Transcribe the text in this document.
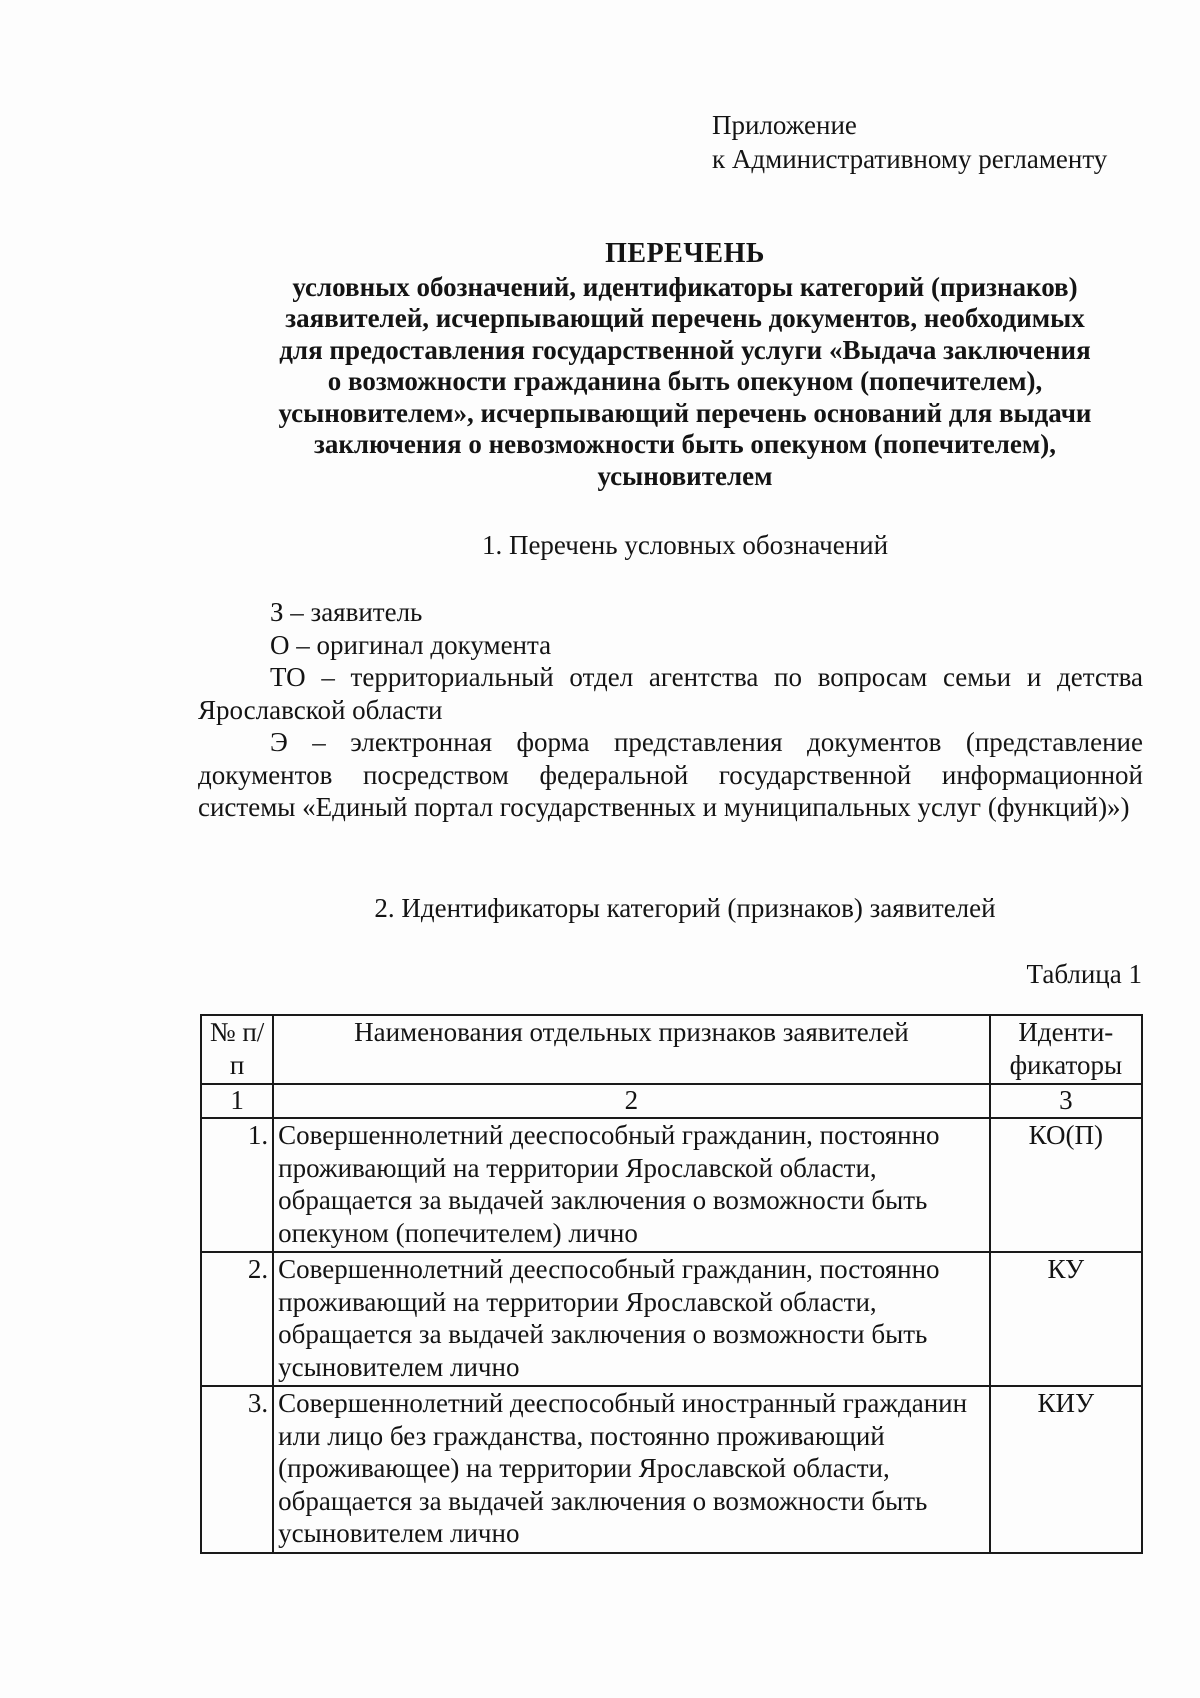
Приложение
к Административному регламенту
ПЕРЕЧЕНЬ
условных обозначений, идентификаторы категорий (признаков)
заявителей, исчерпывающий перечень документов, необходимых
для предоставления государственной услуги «Выдача заключения
о возможности гражданина быть опекуном (попечителем),
усыновителем», исчерпывающий перечень оснований для выдачи
заключения о невозможности быть опекуном (попечителем),
усыновителем
1. Перечень условных обозначений

З – заявитель

О – оригинал документа

ТО – территориальный отдел агентства по вопросам семьи и детства Ярославской области

Э – электронная форма представления документов (представление документов посредством федеральной государственной информационной системы «Единый портал государственных и муниципальных услуг (функций)»)

2. Идентификаторы категорий (признаков) заявителей
Таблица 1
№ п/п	Наименования отдельных признаков заявителей	Иденти-фикаторы
1	2	3
1.	Совершеннолетний дееспособный гражданин, постоянно проживающий на территории Ярославской области, обращается за выдачей заключения о возможности быть опекуном (попечителем) лично	КО(П)
2.	Совершеннолетний дееспособный гражданин, постоянно проживающий на территории Ярославской области, обращается за выдачей заключения о возможности быть усыновителем лично	КУ
3.	Совершеннолетний дееспособный иностранный гражданин или лицо без гражданства, постоянно проживающий (проживающее) на территории Ярославской области, обращается за выдачей заключения о возможности быть усыновителем лично	КИУ
